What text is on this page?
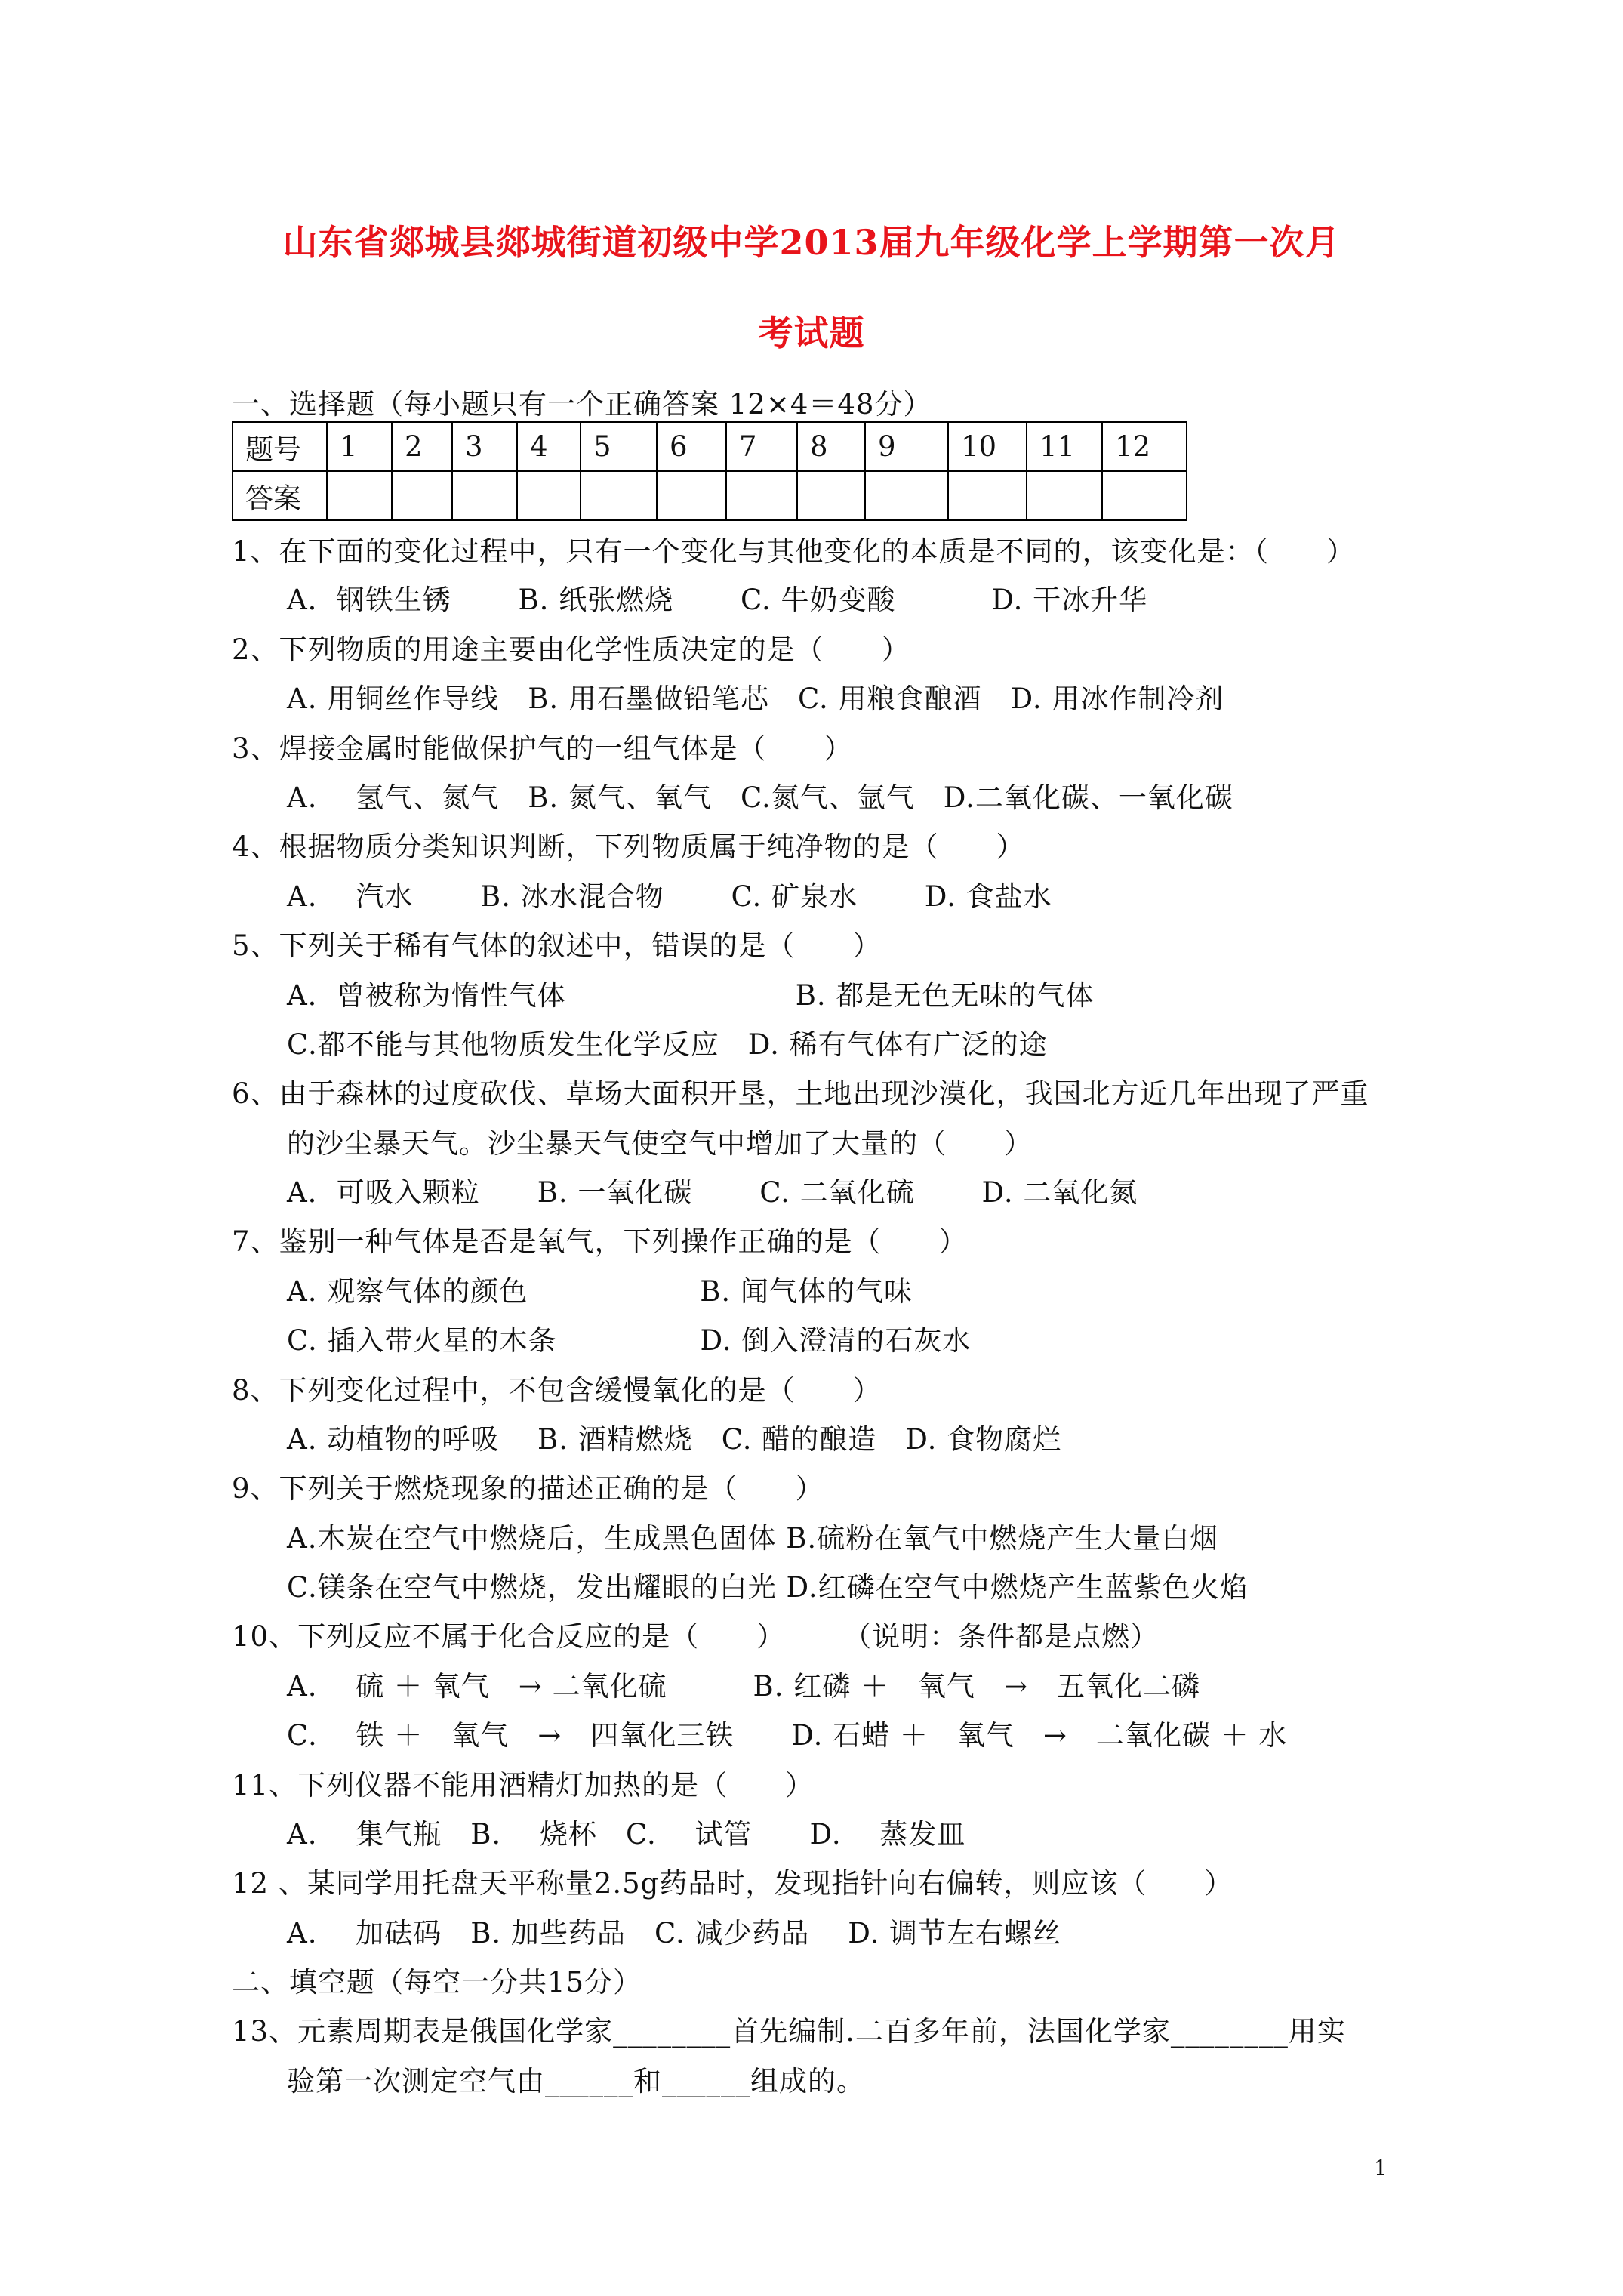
山东省郯城县郯城街道初级中学2013届九年级化学上学期第一次月
考试题
一、选择题（每小题只有一个正确答案 12×4＝48分）
题号	1	2	3	4	5	6	7	8	9	10	11	12
答案												
1、在下面的变化过程中，只有一个变化与其他变化的本质是不同的，该变化是：（　　）
A．钢铁生锈　　 B. 纸张燃烧　　 C. 牛奶变酸　　　 D. 干冰升华
2、下列物质的用途主要由化学性质决定的是（　　）
A. 用铜丝作导线　B. 用石墨做铅笔芯　C. 用粮食酿酒　D. 用冰作制冷剂
3、焊接金属时能做保护气的一组气体是（　　）
A.　 氢气、氮气　B. 氮气、氧气　C.氮气、氩气　D.二氧化碳、一氧化碳
4、根据物质分类知识判断，下列物质属于纯净物的是（　　）
A.　 汽水　　 B. 冰水混合物　　 C. 矿泉水　　 D. 食盐水
5、下列关于稀有气体的叙述中，错误的是（　　）
A．曾被称为惰性气体　　　　　　　　B. 都是无色无味的气体
C.都不能与其他物质发生化学反应　D. 稀有气体有广泛的途
6、由于森林的过度砍伐、草场大面积开垦，土地出现沙漠化，我国北方近几年出现了严重
的沙尘暴天气。沙尘暴天气使空气中增加了大量的（　　）
A．可吸入颗粒　　B. 一氧化碳　　 C. 二氧化硫　　 D. 二氧化氮
7、鉴别一种气体是否是氧气，下列操作正确的是（　　）
A. 观察气体的颜色　　　　　　B. 闻气体的气味
C. 插入带火星的木条　　　　　D. 倒入澄清的石灰水
8、下列变化过程中，不包含缓慢氧化的是（　　）
A. 动植物的呼吸　 B. 酒精燃烧　C. 醋的酿造　D. 食物腐烂
9、下列关于燃烧现象的描述正确的是（　　）
A.木炭在空气中燃烧后，生成黑色固体 B.硫粉在氧气中燃烧产生大量白烟
C.镁条在空气中燃烧，发出耀眼的白光 D.红磷在空气中燃烧产生蓝紫色火焰
10、下列反应不属于化合反应的是（　　）　　　（说明：条件都是点燃）
A.　 硫 ＋ 氧气　→ 二氧化硫　　　B. 红磷 ＋　氧气　→　五氧化二磷
C.　 铁 ＋　氧气　→　四氧化三铁　　D. 石蜡 ＋　氧气　→　二氧化碳 ＋ 水
11、下列仪器不能用酒精灯加热的是（　　）
A.　 集气瓶　B.　 烧杯　C.　 试管　　D.　 蒸发皿
12 、某同学用托盘天平称量2.5g药品时，发现指针向右偏转，则应该（　　）
A.　 加砝码　B. 加些药品　C. 减少药品　 D. 调节左右螺丝
二、填空题（每空一分共15分）
13、元素周期表是俄国化学家________首先编制.二百多年前，法国化学家________用实
验第一次测定空气由______和______组成的。
1
